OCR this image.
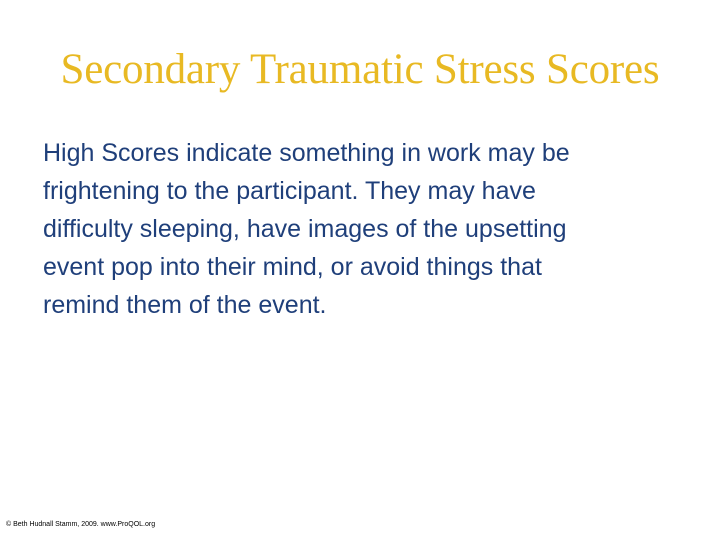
Secondary Traumatic Stress Scores
High Scores indicate something in work may be
frightening to the participant. They may have
difficulty sleeping, have images of the upsetting
event pop into their mind, or avoid things that
remind them of the event.
© Beth Hudnall Stamm, 2009. www.ProQOL.org
